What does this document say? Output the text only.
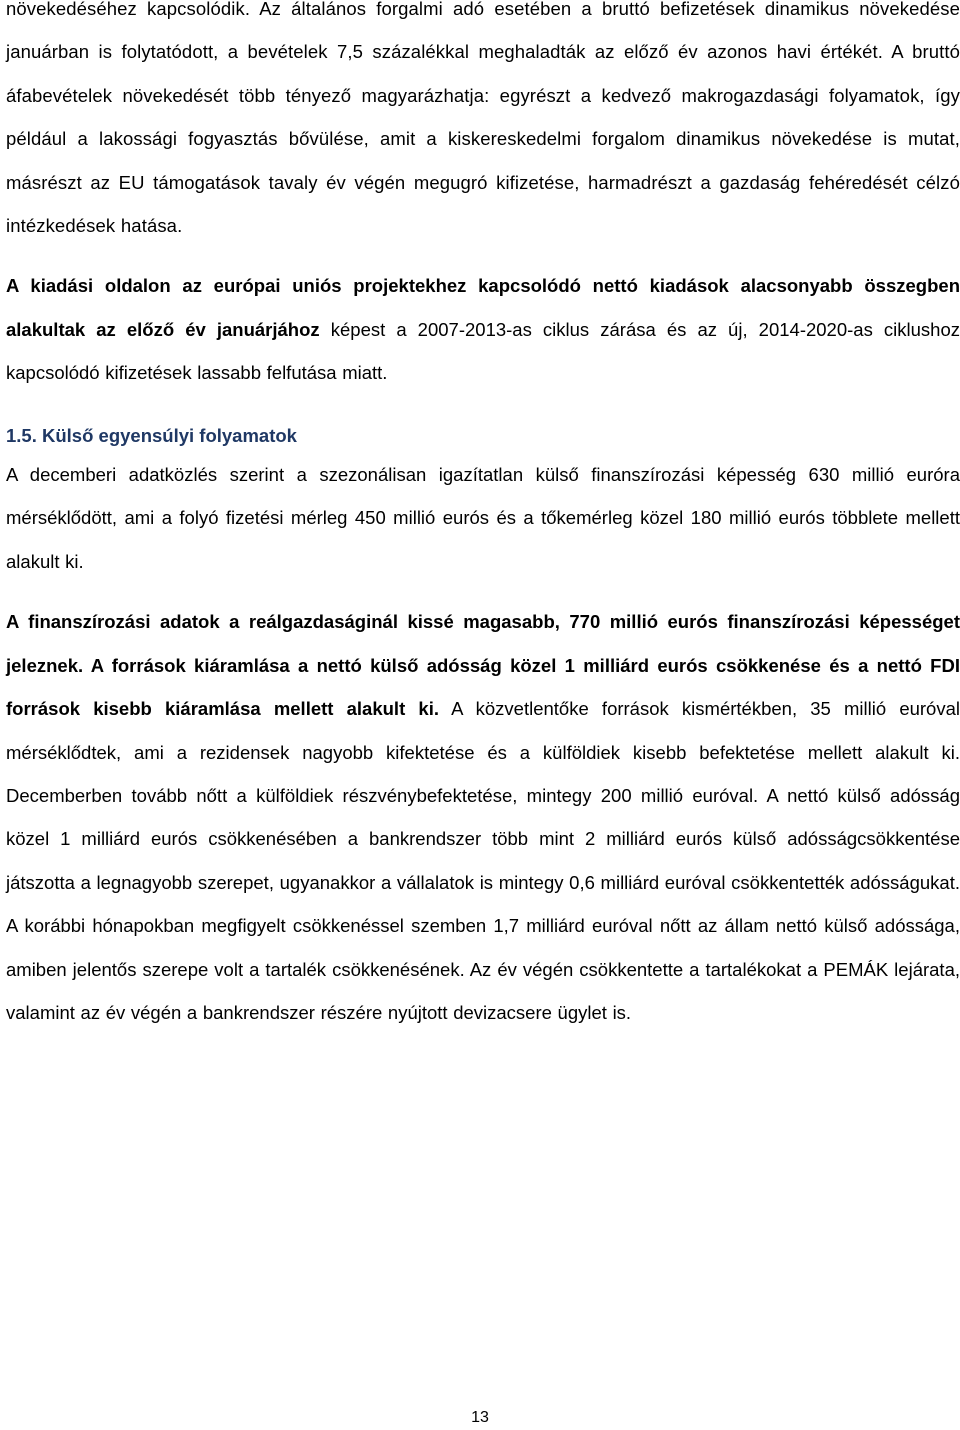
növekedéséhez kapcsolódik. Az általános forgalmi adó esetében a bruttó befizetések dinamikus növekedése januárban is folytatódott, a bevételek 7,5 százalékkal meghaladták az előző év azonos havi értékét. A bruttó áfabevételek növekedését több tényező magyarázhatja: egyrészt a kedvező makrogazdasági folyamatok, így például a lakossági fogyasztás bővülése, amit a kiskereskedelmi forgalom dinamikus növekedése is mutat, másrészt az EU támogatások tavaly év végén megugró kifizetése, harmadrészt a gazdaság fehéredését célzó intézkedések hatása.

A kiadási oldalon az európai uniós projektekhez kapcsolódó nettó kiadások alacsonyabb összegben alakultak az előző év januárjához képest a 2007-2013-as ciklus zárása és az új, 2014-2020-as ciklushoz kapcsolódó kifizetések lassabb felfutása miatt.

1.5. Külső egyensúlyi folyamatok

A decemberi adatközlés szerint a szezonálisan igazítatlan külső finanszírozási képesség 630 millió euróra mérséklődött, ami a folyó fizetési mérleg 450 millió eurós és a tőkemérleg közel 180 millió eurós többlete mellett alakult ki.

A finanszírozási adatok a reálgazdaságinál kissé magasabb, 770 millió eurós finanszírozási képességet jeleznek. A források kiáramlása a nettó külső adósság közel 1 milliárd eurós csökkenése és a nettó FDI források kisebb kiáramlása mellett alakult ki. A közvetlentőke források kismértékben, 35 millió euróval mérséklődtek, ami a rezidensek nagyobb kifektetése és a külföldiek kisebb befektetése mellett alakult ki. Decemberben tovább nőtt a külföldiek részvénybefektetése, mintegy 200 millió euróval. A nettó külső adósság közel 1 milliárd eurós csökkenésében a bankrendszer több mint 2 milliárd eurós külső adósságcsökkentése játszotta a legnagyobb szerepet, ugyanakkor a vállalatok is mintegy 0,6 milliárd euróval csökkentették adósságukat. A korábbi hónapokban megfigyelt csökkenéssel szemben 1,7 milliárd euróval nőtt az állam nettó külső adóssága, amiben jelentős szerepe volt a tartalék csökkenésének. Az év végén csökkentette a tartalékokat a PEMÁK lejárata, valamint az év végén a bankrendszer részére nyújtott devizacsere ügylet is.

13
